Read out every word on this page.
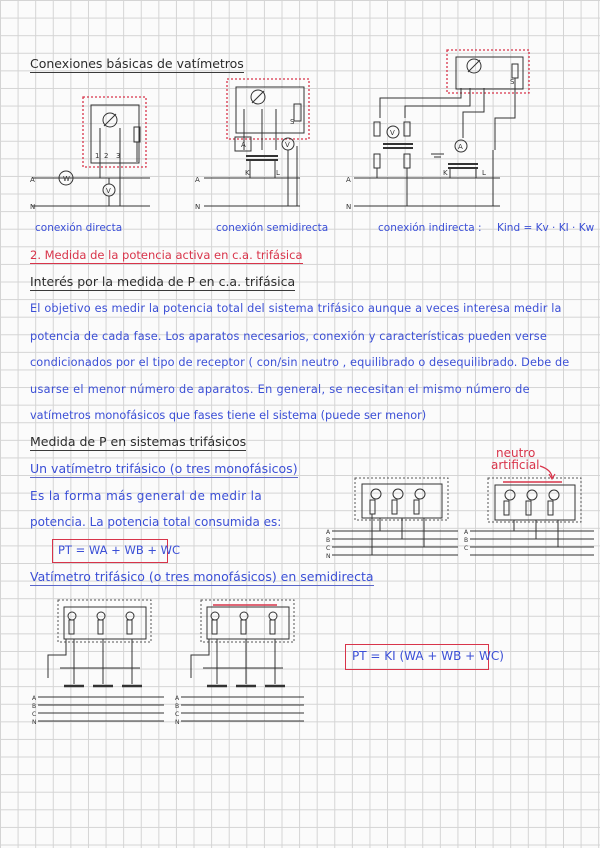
Conexiones básicas de vatímetros
conexión directa	conexión semidirecta	conexión indirecta : Kind = Kv · KI · Kw
2. Medida de la potencia activa en c.a. trifásica
Interés por la medida de P en c.a. trifásica
El objetivo es medir la potencia total del sistema trifásico aunque a veces interesa medir la
potencia de cada fase. Los aparatos necesarios, conexión y características pueden verse
condicionados por el tipo de receptor ( con/sin neutro , equilibrado o desequilibrado. Debe de
usarse el menor número de aparatos. En general, se necesitan el mismo número de
vatímetros monofásicos que fases tiene el sistema (puede ser menor)
Medida de P en sistemas trifásicos
Un vatímetro trifásico (o tres monofásicos)
Es la forma más general de medir la
potencia. La potencia total consumida es:
PT = WA + WB + WC
neutro
artificial
Vatímetro trifásico (o tres monofásicos) en semidirecta
PT = KI (WA + WB + WC)
W
V
A
N
1 2 3
A	V
S
K	L
A
N
S
V
A
A
N
K	L
A
B
C
N
A
B
C
A
B
C
N
A
B
C
N
